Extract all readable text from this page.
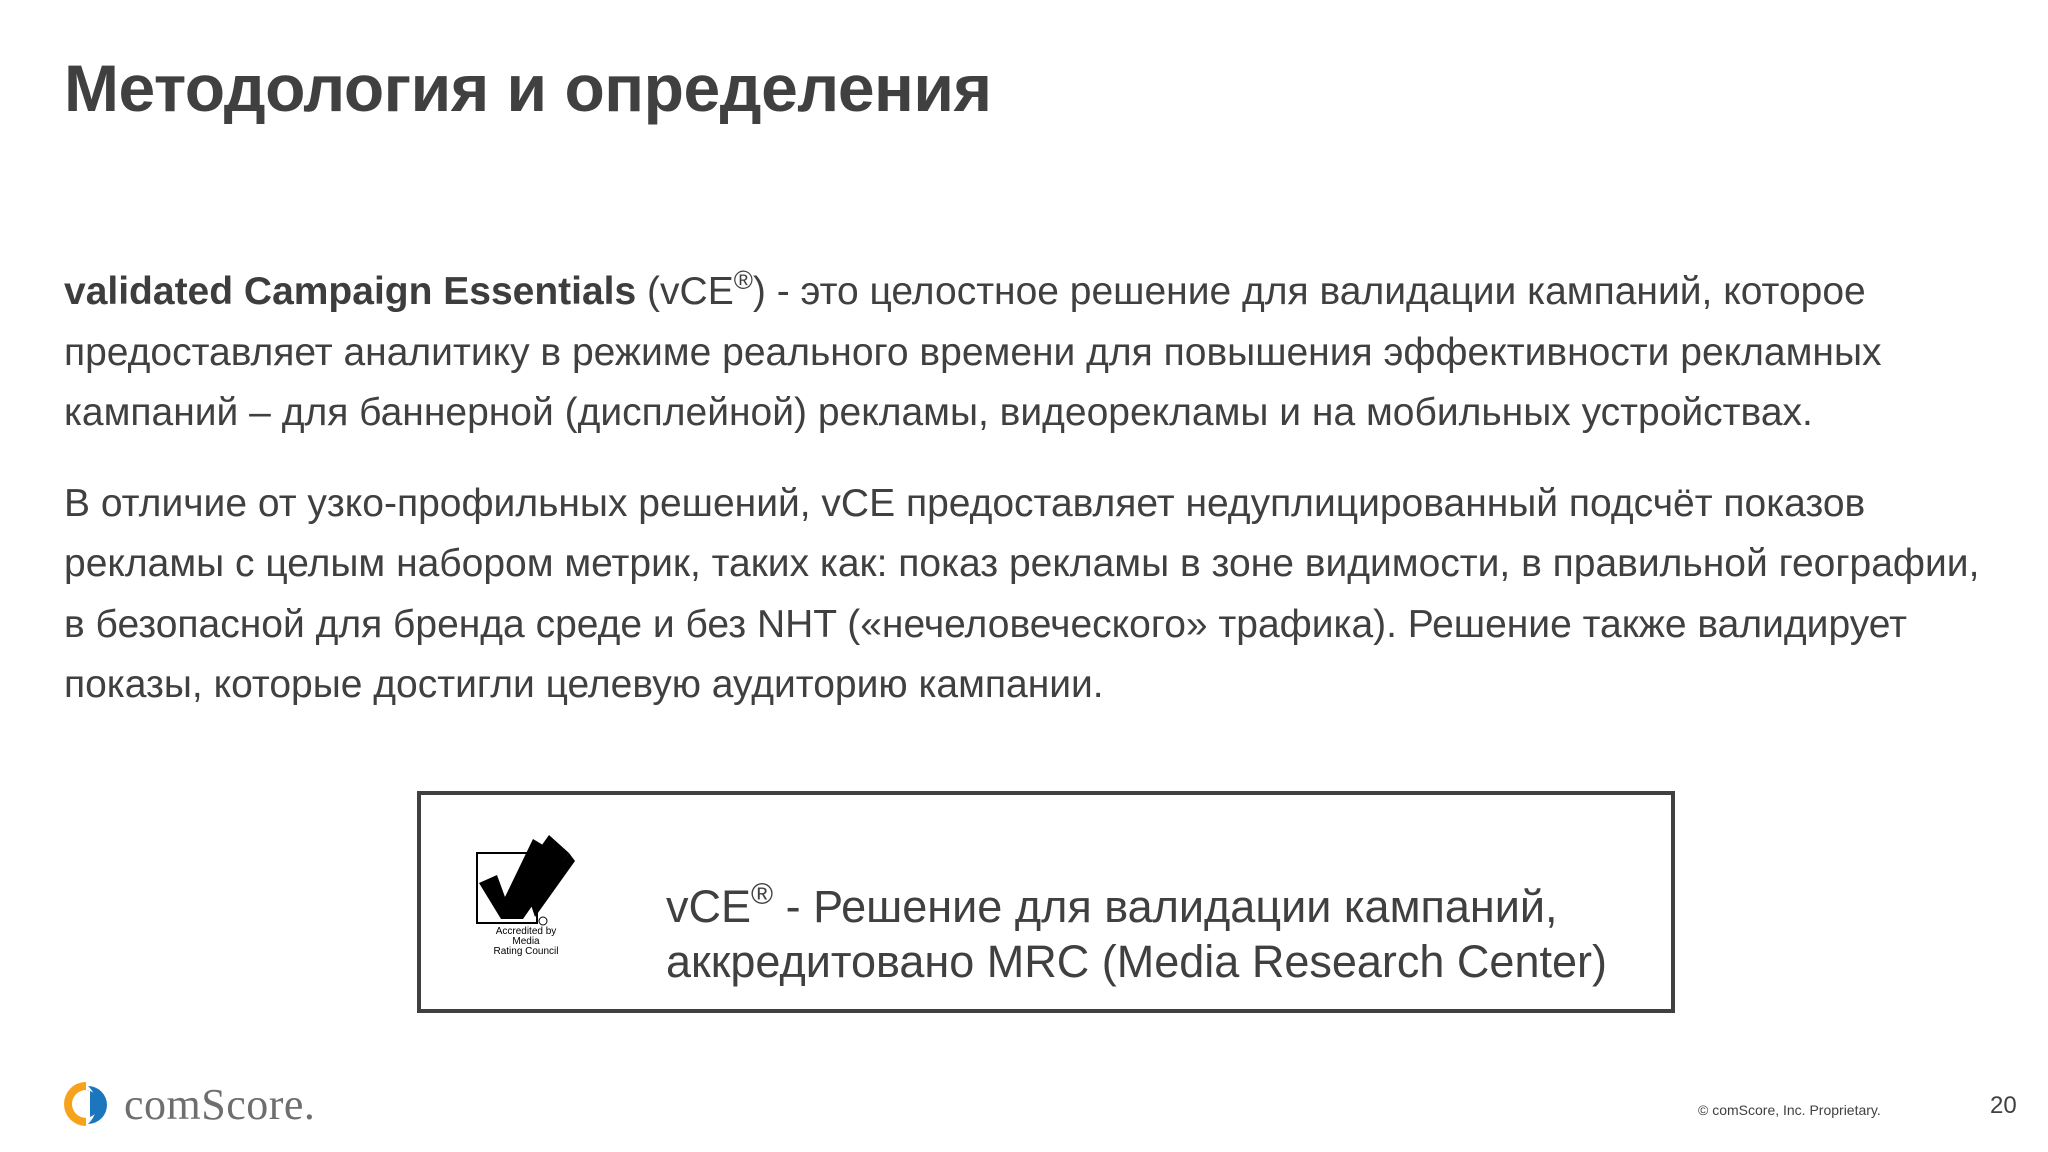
Методология и определения

validated Campaign Essentials (vCE®) - это целостное решение для валидации кампаний, которое предоставляет аналитику в режиме реального времени для повышения эффективности рекламных кампаний – для баннерной (дисплейной) рекламы, видеорекламы и на мобильных устройствах.

В отличие от узко-профильных решений, vCE предоставляет недуплицированный подсчёт показов рекламы с целым набором метрик, таких как: показ рекламы в зоне видимости, в правильной географии, в безопасной для бренда среде и без NHT («нечеловеческого» трафика). Решение также валидирует показы, которые достигли целевую аудиторию кампании.

Accredited by
Media
Rating Council
vCE® - Решение для валидации кампаний,
аккредитовано MRC (Media Research Center)
comScore.	© comScore, Inc. Proprietary.	20
